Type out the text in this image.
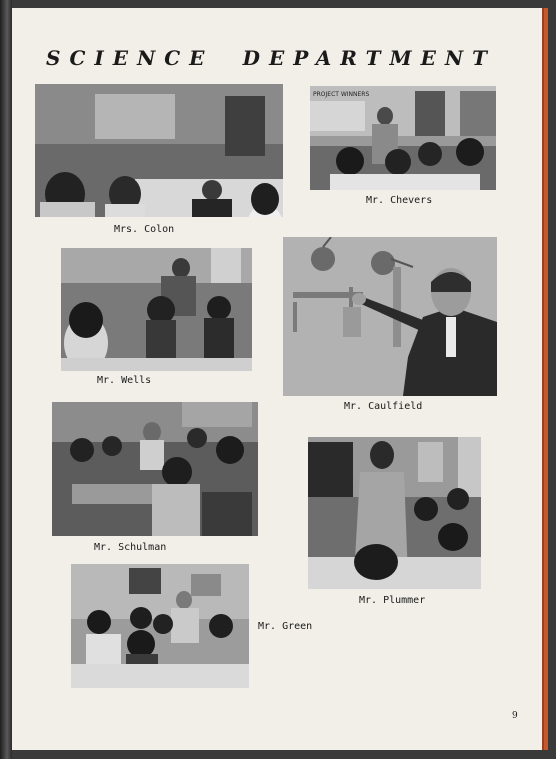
SCIENCE DEPARTMENT
Mrs. Colon
PROJECT WINNERS
Mr. Chevers
Mr. Wells
Mr. Caulfield
Mr. Schulman
Mr. Plummer
Mr. Green
9
